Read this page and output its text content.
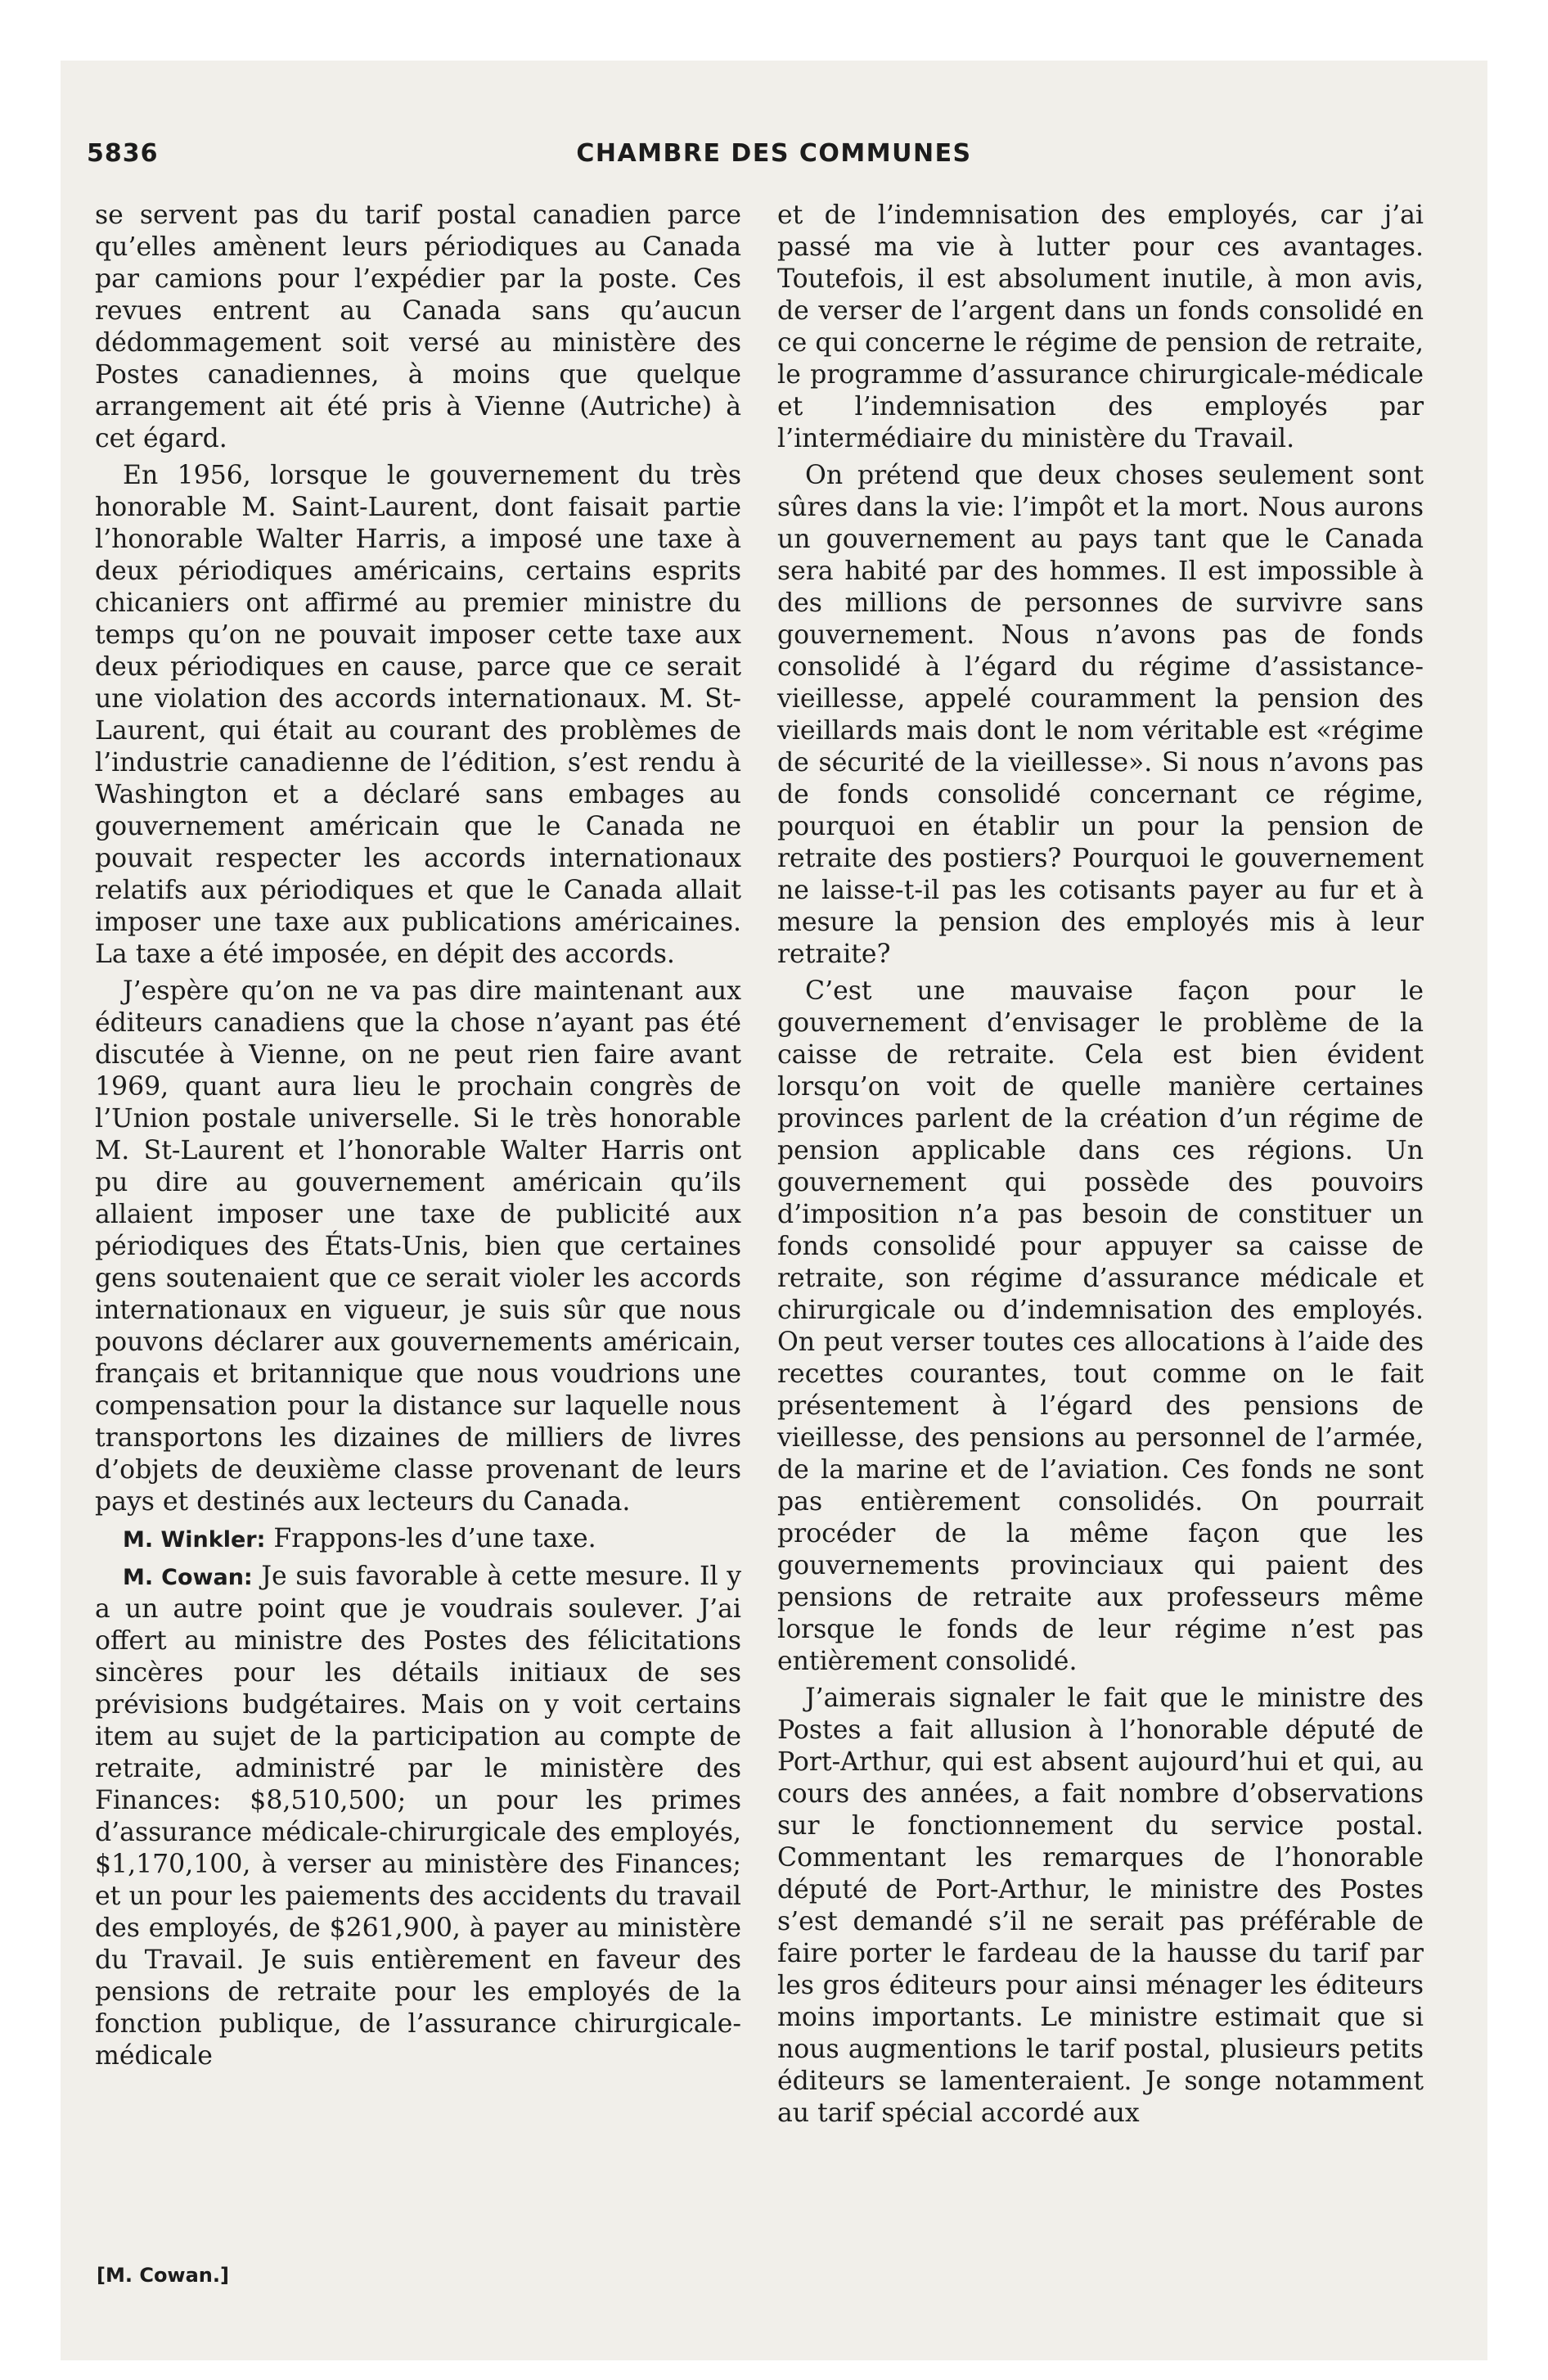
5836	CHAMBRE DES COMMUNES

se servent pas du tarif postal canadien parce qu’elles amènent leurs périodiques au Canada par camions pour l’expédier par la poste. Ces revues entrent au Canada sans qu’aucun dédommagement soit versé au ministère des Postes canadiennes, à moins que quelque arrangement ait été pris à Vienne (Autriche) à cet égard.

En 1956, lorsque le gouvernement du très honorable M. Saint-Laurent, dont faisait partie l’honorable Walter Harris, a imposé une taxe à deux périodiques américains, certains esprits chicaniers ont affirmé au premier ministre du temps qu’on ne pouvait imposer cette taxe aux deux périodiques en cause, parce que ce serait une violation des accords internationaux. M. St-Laurent, qui était au courant des problèmes de l’industrie canadienne de l’édition, s’est rendu à Washington et a déclaré sans embages au gouvernement américain que le Canada ne pouvait respecter les accords internationaux relatifs aux périodiques et que le Canada allait imposer une taxe aux publications américaines. La taxe a été imposée, en dépit des accords.

J’espère qu’on ne va pas dire maintenant aux éditeurs canadiens que la chose n’ayant pas été discutée à Vienne, on ne peut rien faire avant 1969, quant aura lieu le prochain congrès de l’Union postale universelle. Si le très honorable M. St-Laurent et l’honorable Walter Harris ont pu dire au gouvernement américain qu’ils allaient imposer une taxe de publicité aux périodiques des États-Unis, bien que certaines gens soutenaient que ce serait violer les accords internationaux en vigueur, je suis sûr que nous pouvons déclarer aux gouvernements américain, français et britannique que nous voudrions une compensation pour la distance sur laquelle nous transportons les dizaines de milliers de livres d’objets de deuxième classe provenant de leurs pays et destinés aux lecteurs du Canada.

M. Winkler: Frappons-les d’une taxe.

M. Cowan: Je suis favorable à cette mesure. Il y a un autre point que je voudrais soulever. J’ai offert au ministre des Postes des félicitations sincères pour les détails initiaux de ses prévisions budgétaires. Mais on y voit certains item au sujet de la participation au compte de retraite, administré par le ministère des Finances: $8,510,500; un pour les primes d’assurance médicale-chirurgicale des employés, $1,170,100, à verser au ministère des Finances; et un pour les paiements des accidents du travail des employés, de $261,900, à payer au ministère du Travail. Je suis entièrement en faveur des pensions de retraite pour les employés de la fonction publique, de l’assurance chirurgicale-médicale

et de l’indemnisation des employés, car j’ai passé ma vie à lutter pour ces avantages. Toutefois, il est absolument inutile, à mon avis, de verser de l’argent dans un fonds consolidé en ce qui concerne le régime de pension de retraite, le programme d’assurance chirurgicale-médicale et l’indemnisation des employés par l’intermédiaire du ministère du Travail.

On prétend que deux choses seulement sont sûres dans la vie: l’impôt et la mort. Nous aurons un gouvernement au pays tant que le Canada sera habité par des hommes. Il est impossible à des millions de personnes de survivre sans gouvernement. Nous n’avons pas de fonds consolidé à l’égard du régime d’assistance-vieillesse, appelé couramment la pension des vieillards mais dont le nom véritable est «régime de sécurité de la vieillesse». Si nous n’avons pas de fonds consolidé concernant ce régime, pourquoi en établir un pour la pension de retraite des postiers? Pourquoi le gouvernement ne laisse-t-il pas les cotisants payer au fur et à mesure la pension des employés mis à leur retraite?

C’est une mauvaise façon pour le gouvernement d’envisager le problème de la caisse de retraite. Cela est bien évident lorsqu’on voit de quelle manière certaines provinces parlent de la création d’un régime de pension applicable dans ces régions. Un gouvernement qui possède des pouvoirs d’imposition n’a pas besoin de constituer un fonds consolidé pour appuyer sa caisse de retraite, son régime d’assurance médicale et chirurgicale ou d’indemnisation des employés. On peut verser toutes ces allocations à l’aide des recettes courantes, tout comme on le fait présentement à l’égard des pensions de vieillesse, des pensions au personnel de l’armée, de la marine et de l’aviation. Ces fonds ne sont pas entièrement consolidés. On pourrait procéder de la même façon que les gouvernements provinciaux qui paient des pensions de retraite aux professeurs même lorsque le fonds de leur régime n’est pas entièrement consolidé.

J’aimerais signaler le fait que le ministre des Postes a fait allusion à l’honorable député de Port-Arthur, qui est absent aujourd’hui et qui, au cours des années, a fait nombre d’observations sur le fonctionnement du service postal. Commentant les remarques de l’honorable député de Port-Arthur, le ministre des Postes s’est demandé s’il ne serait pas préférable de faire porter le fardeau de la hausse du tarif par les gros éditeurs pour ainsi ménager les éditeurs moins importants. Le ministre estimait que si nous augmentions le tarif postal, plusieurs petits éditeurs se lamenteraient. Je songe notamment au tarif spécial accordé aux

[M. Cowan.]
